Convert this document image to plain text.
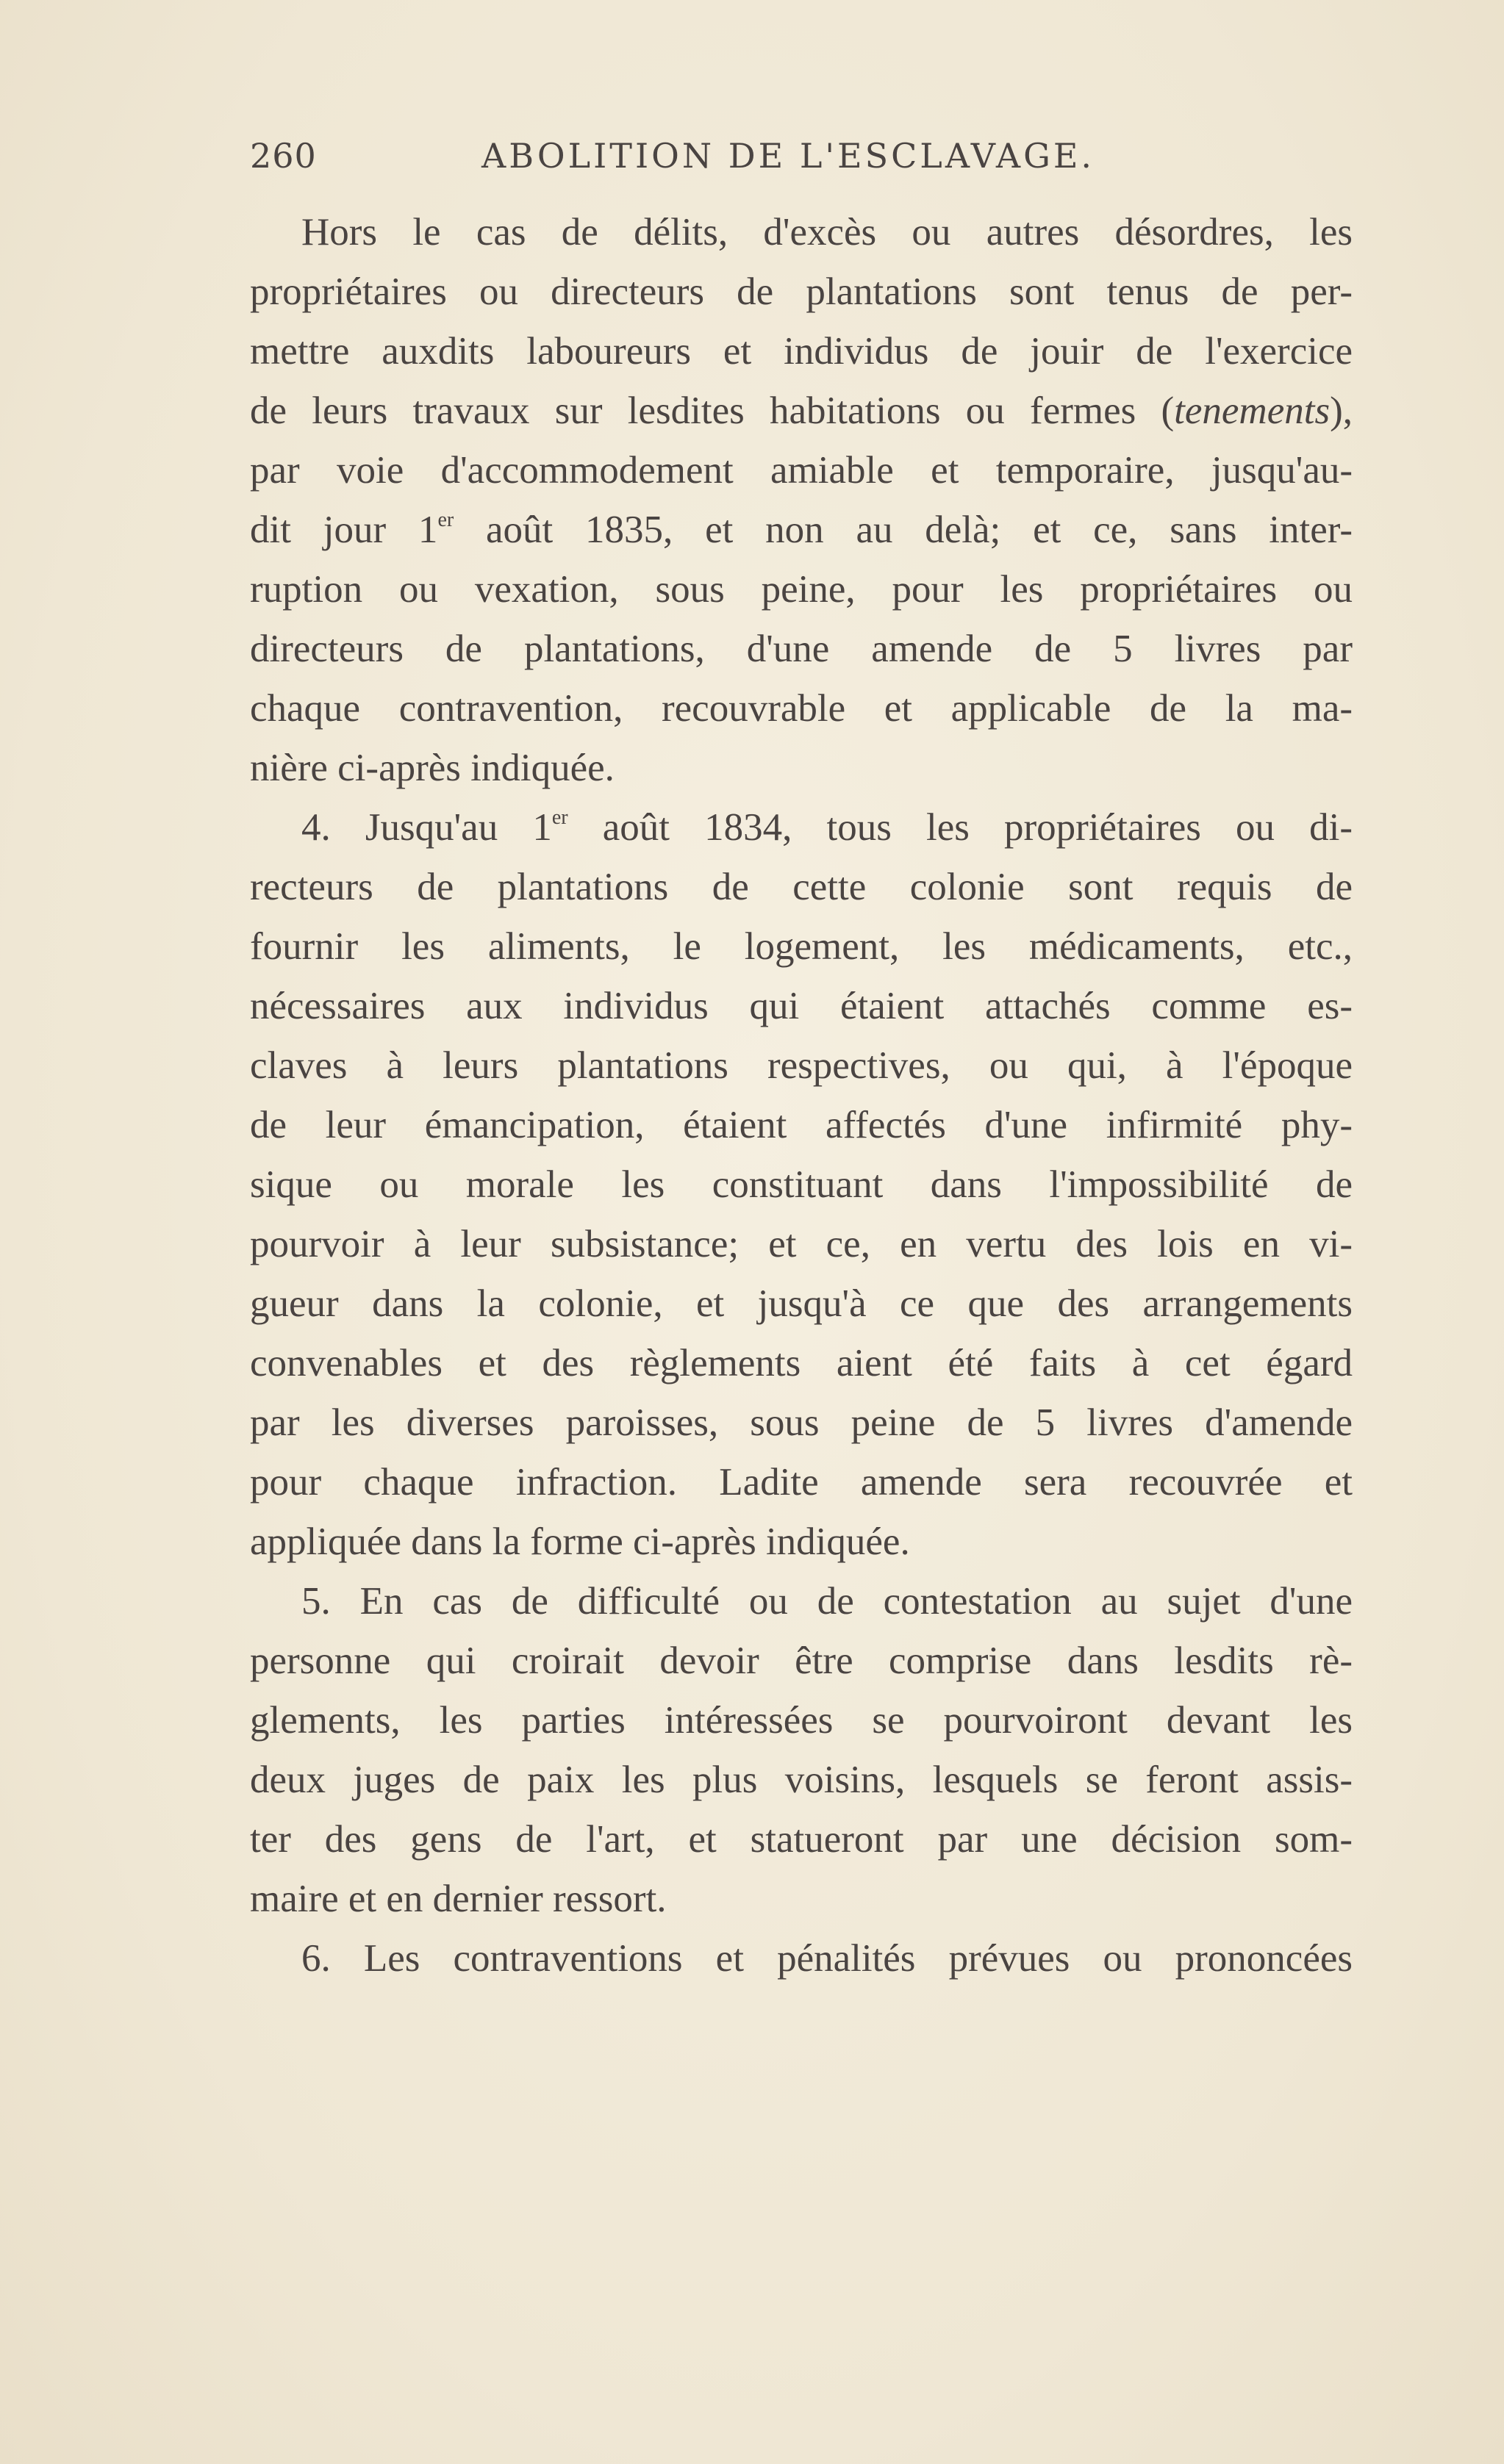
260	ABOLITION DE L'ESCLAVAGE.
Hors le cas de délits, d'excès ou autres désordres, les
propriétaires ou directeurs de plantations sont tenus de per-
mettre auxdits laboureurs et individus de jouir de l'exercice
de leurs travaux sur lesdites habitations ou fermes (tenements),
par voie d'accommodement amiable et temporaire, jusqu'au-
dit jour 1er août 1835, et non au delà; et ce, sans inter-
ruption ou vexation, sous peine, pour les propriétaires ou
directeurs de plantations, d'une amende de 5 livres par
chaque contravention, recouvrable et applicable de la ma-
nière ci-après indiquée.
4. Jusqu'au 1er août 1834, tous les propriétaires ou di-
recteurs de plantations de cette colonie sont requis de
fournir les aliments, le logement, les médicaments, etc.,
nécessaires aux individus qui étaient attachés comme es-
claves à leurs plantations respectives, ou qui, à l'époque
de leur émancipation, étaient affectés d'une infirmité phy-
sique ou morale les constituant dans l'impossibilité de
pourvoir à leur subsistance; et ce, en vertu des lois en vi-
gueur dans la colonie, et jusqu'à ce que des arrangements
convenables et des règlements aient été faits à cet égard
par les diverses paroisses, sous peine de 5 livres d'amende
pour chaque infraction. Ladite amende sera recouvrée et
appliquée dans la forme ci-après indiquée.
5. En cas de difficulté ou de contestation au sujet d'une
personne qui croirait devoir être comprise dans lesdits rè-
glements, les parties intéressées se pourvoiront devant les
deux juges de paix les plus voisins, lesquels se feront assis-
ter des gens de l'art, et statueront par une décision som-
maire et en dernier ressort.
6. Les contraventions et pénalités prévues ou prononcées
